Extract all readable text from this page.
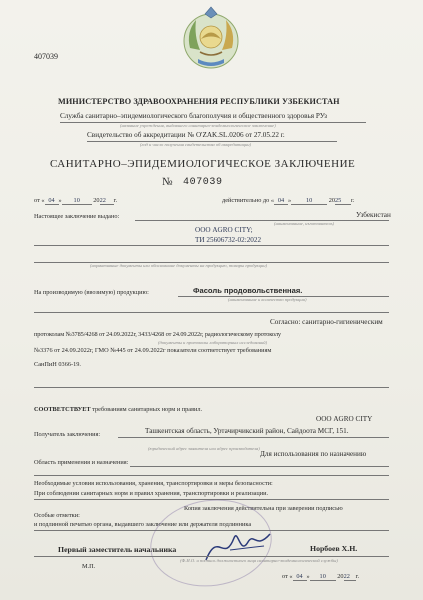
407039
МИНИСТЕРСТВО ЗДРАВООХРАНЕНИЯ РЕСПУБЛИКИ УЗБЕКИСТАН
Служба санитарно–эпидемиологического благополучия и общественного здоровья РУз
(название учреждения, выдавшего санитарно-эпидемиологическое заключение)
Свидетельство об аккредитации № O'ZAK.SL.0206 от 27.05.22 г.
(год и число получения свидетельства об аккредитации)
САНИТАРНО–ЭПИДЕМИОЛОГИЧЕСКОЕ ЗАКЛЮЧЕНИЕ
№ 407039
от « 04 » 10 2022 г.	действительно до « 04 » 10	2025 г.
Настоящее заключение выдано:	Узбекистан
(наименование, изготовитель)
ООО AGRO CITY;
ТИ 25606732-02:2022
(нормативные документы или обоснование документы на продукцию, товары продукции)
На производимую (ввозимую) продукцию:	Фасоль продовольственная.
(наименование и количество продукции)
Согласно: санитарно-гигиеническим
протоколам №3785/4268 от 24.09.2022г, 3433/4268 от 24.09.2022г, радиологическому протоколу
(документы и протоколы лабораторных исследований)
№3376 от 24.09.2022г, ГМО №445 от 24.09.2022г показатели соответствует требованиям
СанПиН 0366-19.
СООТВЕТСТВУЕТ требованиям санитарных норм и правил.
ООО AGRO CITY
Получатель заключения:	Ташкентская область, Уртачирчикский район, Сайдоота МСГ, 151.
(юридический адрес заявителя или адрес производителя)
Область применения и назначения:
Для использования по назначению
Необходимые условия использования, хранения, транспортировки и меры безопасности:
При соблюдении санитарных норм и правил хранения, транспортировки и реализации.
Копия заключения действительна при заверении подписью
Особые отметки:
и подлинной печатью органа, выдавшего заключение или держателя подлинника
Первый заместитель начальника	Норбоев Х.Н.
М.П.
(Ф.И.О. и подпись должностного лица санитарно-эпидемиологической службы)
от « 04 » 10 2022 г.
